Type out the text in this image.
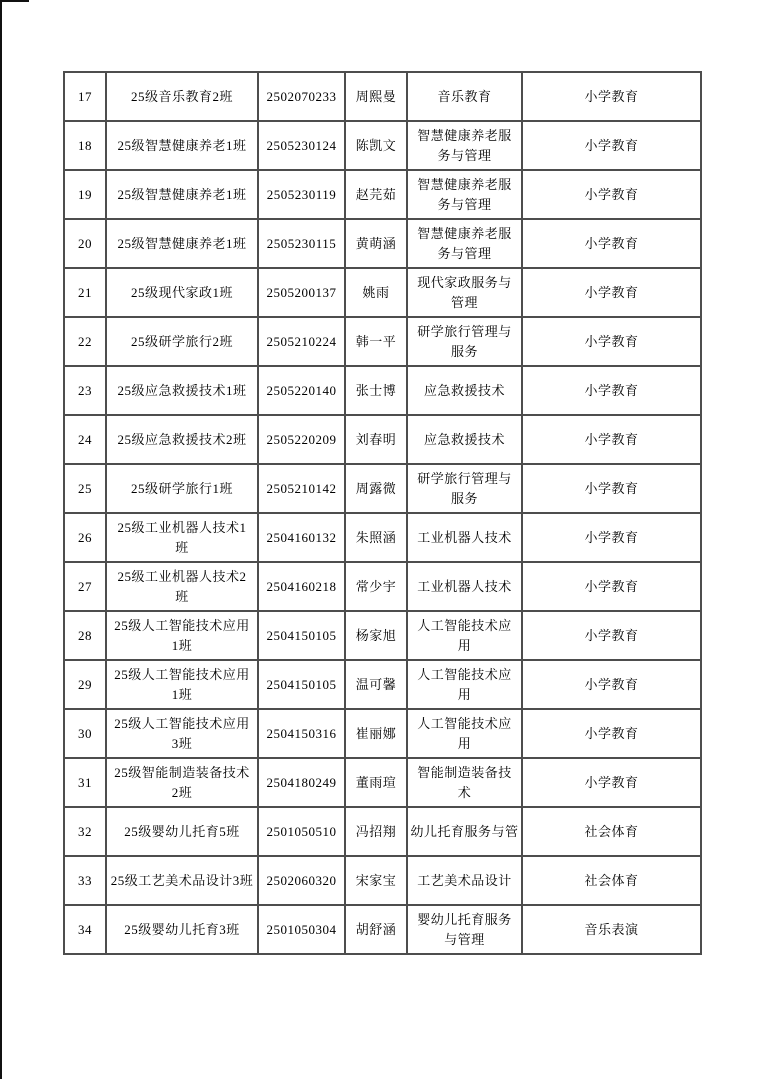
17	25级音乐教育2班	2502070233	周熙曼	音乐教育	小学教育
18	25级智慧健康养老1班	2505230124	陈凯文	智慧健康养老服
务与管理	小学教育
19	25级智慧健康养老1班	2505230119	赵芫茹	智慧健康养老服
务与管理	小学教育
20	25级智慧健康养老1班	2505230115	黄萌涵	智慧健康养老服
务与管理	小学教育
21	25级现代家政1班	2505200137	姚雨	现代家政服务与
管理	小学教育
22	25级研学旅行2班	2505210224	韩一平	研学旅行管理与
服务	小学教育
23	25级应急救援技术1班	2505220140	张士博	应急救援技术	小学教育
24	25级应急救援技术2班	2505220209	刘春明	应急救援技术	小学教育
25	25级研学旅行1班	2505210142	周露微	研学旅行管理与
服务	小学教育
26	25级工业机器人技术1
班	2504160132	朱照涵	工业机器人技术	小学教育
27	25级工业机器人技术2
班	2504160218	常少宇	工业机器人技术	小学教育
28	25级人工智能技术应用
1班	2504150105	杨家旭	人工智能技术应
用	小学教育
29	25级人工智能技术应用
1班	2504150105	温可馨	人工智能技术应
用	小学教育
30	25级人工智能技术应用
3班	2504150316	崔丽娜	人工智能技术应
用	小学教育
31	25级智能制造装备技术
2班	2504180249	董雨瑄	智能制造装备技
术	小学教育
32	25级婴幼儿托育5班	2501050510	冯招翔	幼儿托育服务与管	社会体育
33	25级工艺美术品设计3班	2502060320	宋家宝	工艺美术品设计	社会体育
34	25级婴幼儿托育3班	2501050304	胡舒涵	婴幼儿托育服务
与管理	音乐表演
